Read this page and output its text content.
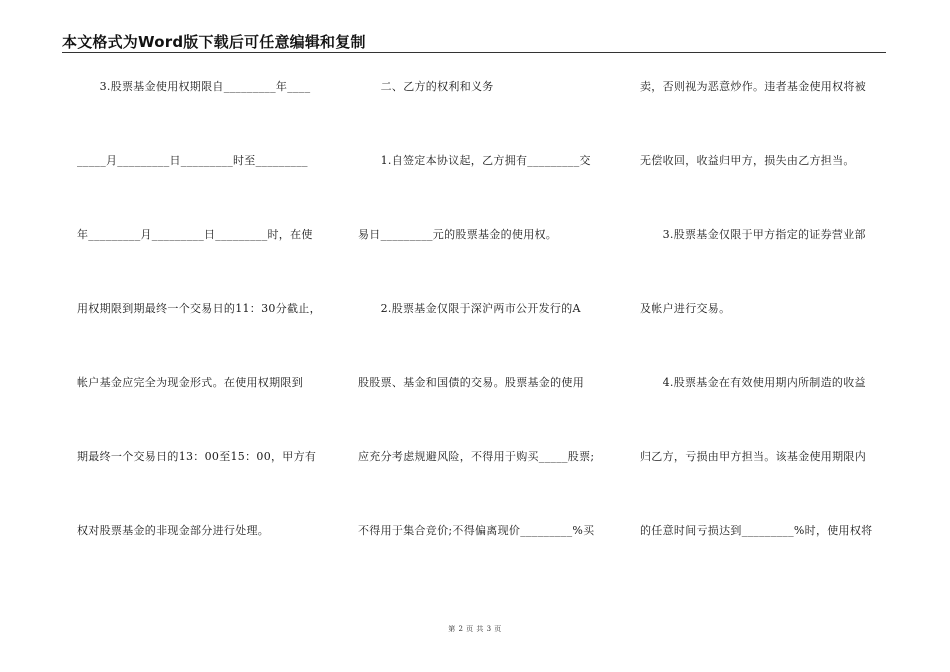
本文格式为Word版下载后可任意编辑和复制
　　3.股票基金使用权期限自_________年____
_____月_________日_________时至_________
年_________月_________日_________时，在使
用权期限到期最终一个交易日的11：30分截止，
帐户基金应完全为现金形式。在使用权期限到
期最终一个交易日的13：00至15：00，甲方有
权对股票基金的非现金部分进行处理。
　　二、乙方的权利和义务
　　1.自签定本协议起，乙方拥有_________交
易日_________元的股票基金的使用权。
　　2.股票基金仅限于深沪两市公开发行的A
股股票、基金和国债的交易。股票基金的使用
应充分考虑规避风险，不得用于购买_____股票;
不得用于集合竞价;不得偏离现价_________%买
卖，否则视为恶意炒作。违者基金使用权将被
无偿收回，收益归甲方，损失由乙方担当。
　　3.股票基金仅限于甲方指定的证券营业部
及帐户进行交易。
　　4.股票基金在有效使用期内所制造的收益
归乙方，亏损由甲方担当。该基金使用期限内
的任意时间亏损达到_________%时，使用权将
第 2 页 共 3 页
